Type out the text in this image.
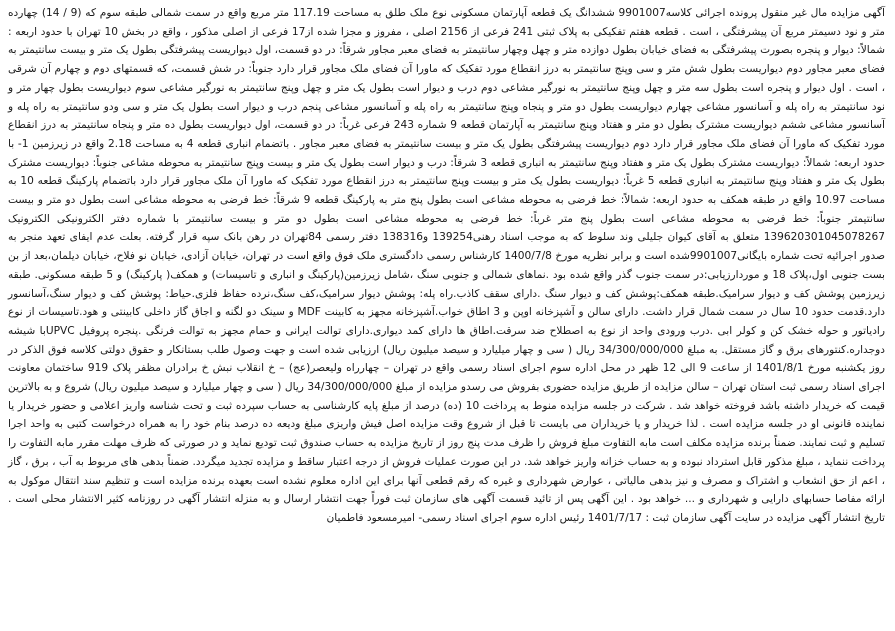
آگهی مزایده مال غیر منقول پرونده اجرائی کلاسه9901007 ششدانگ یک قطعه آپارتمان مسکونی نوع ملک طلق به مساحت 117.19 متر مربع واقع در سمت شمالی طبقه سوم که (9 / 14) چهارده متر و نود دسیمتر مربع آن پیشرفتگی ، است . قطعه هفتم تفکیکی به پلاک ثبتی 241 فرعی از 2156 اصلی ، مفروز و مجزا شده از17 فرعی از اصلی مذکور ، واقع در بخش 10 تهران با حدود اربعه : شمالاً: دیوار و پنجره بصورت پیشرفتگی به فضای خیابان بطول دوازده متر و چهل وچهار سانتیمتر به فضای معبر مجاور شرقاً: در دو قسمت، اول دیواریست پیشرفتگی بطول یک متر و بیست سانتیمتر به فضای معبر مجاور دوم دیواریست بطول شش متر و سی وپنج سانتیمتر به درز انقطاع مورد تفکیک که ماورا آن فضای ملک مجاور قرار دارد جنوباً: در شش قسمت، که قسمتهای دوم و چهارم آن شرقی ، است . اول دیوار و پنجره است بطول سه متر و چهل وپنج سانتیمتر به نورگیر مشاعی دوم درب و دیوار است بطول یک متر و چهل وپنج سانتیمتر به نورگیر مشاعی سوم دیواریست بطول چهار متر و نود سانتیمتر به راه پله و آسانسور مشاعی چهارم دیواریست بطول دو متر و پنجاه وپنج سانتیمتر به راه پله و آسانسور مشاعی پنجم درب و دیوار است بطول یک متر و سی ودو سانتیمتر به راه پله و آسانسور مشاعی ششم دیواریست مشترک بطول دو متر و هفتاد وپنج سانتیمتر به آپارتمان قطعه 9 شماره 243 فرعی غرباً: در دو قسمت، اول دیواریست بطول ده متر و پنجاه سانتیمتر به درز انقطاع مورد تفکیک که ماورا آن فضای ملک مجاور قرار دارد دوم دیواریست پیشرفتگی بطول یک متر و بیست سانتیمتر به فضای معبر مجاور . باتضمام انباری قطعه 4 به مساحت 2.18 واقع در زیرزمین 1- با حدود اربعه: شمالاً: دیواریست مشترک بطول یک متر و هفتاد وپنج سانتیمتر به انباری قطعه 3 شرقاً: درب و دیوار است بطول یک متر و بیست وپنج سانتیمتر به محوطه مشاعی جنوباً: دیواریست مشترک بطول یک متر و هفتاد وپنج سانتیمتر به انباری قطعه 5 غرباً: دیواریست بطول یک متر و بیست وپنج سانتیمتر به درز انقطاع مورد تفکیک که ماورا آن ملک مجاور قرار دارد باتضمام پارکینگ قطعه 10 به مساحت 10.97 واقع در طبقه همکف به حدود اربعه: شمالاً: خط فرضی به محوطه مشاعی است بطول پنج متر به پارکینگ قطعه 9 شرقاً: خط فرضی به محوطه مشاعی است بطول دو متر و بیست سانتیمتر جنوباً: خط فرضی به محوطه مشاعی است بطول پنج متر غرباً: خط فرضی به محوطه مشاعی است بطول دو متر و بیست سانتیمتر با شماره دفتر الکترونیکی الکترونیک 139620301045078267 متعلق به آقای کیوان جلیلی وند سلوط که به موجب اسناد رهنی139254 و138316 دفتر رسمی 84تهران در رهن بانک سپه قرار گرفته. بعلت عدم ایفای تعهد منجر به صدور اجرائیه تحت شماره بایگانی9901007شده است و برابر نظریه مورخ 1400/7/8 کارشناس رسمی دادگستری ملک فوق واقع است در تهران، خیابان آزادی، خیابان نو فلاح، خیابان دیلمان،بعد از بن بست جنوبی اول،پلاک 18 و موردارزیابی:در سمت جنوب گذر واقع شده بود .نماهای شمالی و جنوبی سنگ ،شامل زیرزمین(پارکینگ و انباری و تاسیسات) و همکف( پارکینگ) و 5 طبقه مسکونی. طبقه زیرزمین پوشش کف و دیوار سرامیک.طبقه همکف:پوشش کف و دیوار سنگ .دارای سقف کاذب.راه پله: پوشش دیوار سرامیک،کف سنگ،نرده حفاظ فلزی.حیاط: پوشش کف و دیوار سنگ،آسانسور دارد.قدمت حدود 10 سال در سمت شمال قرار داشت. دارای سالن و آشپزخانه اوپن و 3 اطاق خواب.آشپزخانه مجهز به کابینت MDF و سینک دو لگنه و اجاق گاز داخلی کابینتی و هود.تاسیسات از نوع رادیاتور و حوله خشک کن و کولر ابی .درب ورودی واحد از نوع به اصطلاح ضد سرقت.اطاق ها دارای کمد دیواری.دارای توالت ایرانی و حمام مجهز به توالت فرنگی .پنجره پروفیل UPVCبا شیشه دوجداره.کنتورهای برق و گاز مستقل. به مبلغ 34/300/000/000 ریال ( سی و چهار میلیارد و سیصد میلیون ریال) ارزیابی شده است و جهت وصول طلب بستانکار و حقوق دولتی کلاسه فوق الذکر در روز یکشنبه مورخ 1401/8/1 از ساعت 9 الی 12 ظهر در محل اداره سوم اجرای اسناد رسمی واقع در تهران – چهارراه ولیعصر(عج) – خ انقلاب نبش خ برادران مظفر پلاک 919 ساختمان معاونت اجرای اسناد رسمی ثبت استان تهران – سالن مزایده از طریق مزایده حضوری بفروش می رسدو مزایده از مبلغ 34/300/000/000 ریال ( سی و چهار میلیارد و سیصد میلیون ریال) شروع و به بالاترین قیمت که خریدار داشته باشد فروخته خواهد شد . شرکت در جلسه مزایده منوط به پرداخت 10 (ده) درصد از مبلغ پایه کارشناسی به حساب سپرده ثبت و تحت شناسه واریز اعلامی و حضور خریدار یا نماینده قانونی او در جلسه مزایده است . لذا خریدار و یا خریداران می بایست تا قبل از شروع وقت مزایده اصل فیش واریزی مبلغ ودیعه ده درصد بنام خود را به همراه درخواست کتبی به واحد اجرا تسلیم و ثبت نمایند. ضمناً برنده مزایده مکلف است مابه التفاوت مبلغ فروش را ظرف مدت پنج روز از تاریخ مزایده به حساب صندوق ثبت تودیع نماید و در صورتی که ظرف مهلت مقرر مابه التفاوت را پرداخت ننماید ، مبلغ مذکور قابل استرداد نبوده و به حساب خزانه واریز خواهد شد. در این صورت عملیات فروش از درجه اعتبار ساقط و مزایده تجدید میگردد. ضمناً بدهی های مربوط به آب ، برق ، گاز ، اعم از حق انشعاب و اشتراک و مصرف و نیز بدهی مالیاتی ، عوارض شهرداری و غیره که رقم قطعی آنها برای این اداره معلوم نشده است بعهده برنده مزایده است و تنظیم سند انتقال موکول به ارائه مفاصا حسابهای دارایی و شهرداری و ... خواهد بود . این آگهی پس از تائید قسمت آگهی های سازمان ثبت فوراً جهت انتشار ارسال و به منزله انتشار آگهی در روزنامه کثیر الانتشار محلی است . تاریخ انتشار آگهی مزایده در سایت آگهی سازمان ثبت : 1401/7/17 رئیس اداره سوم اجرای اسناد رسمی- امیرمسعود فاطمیان
